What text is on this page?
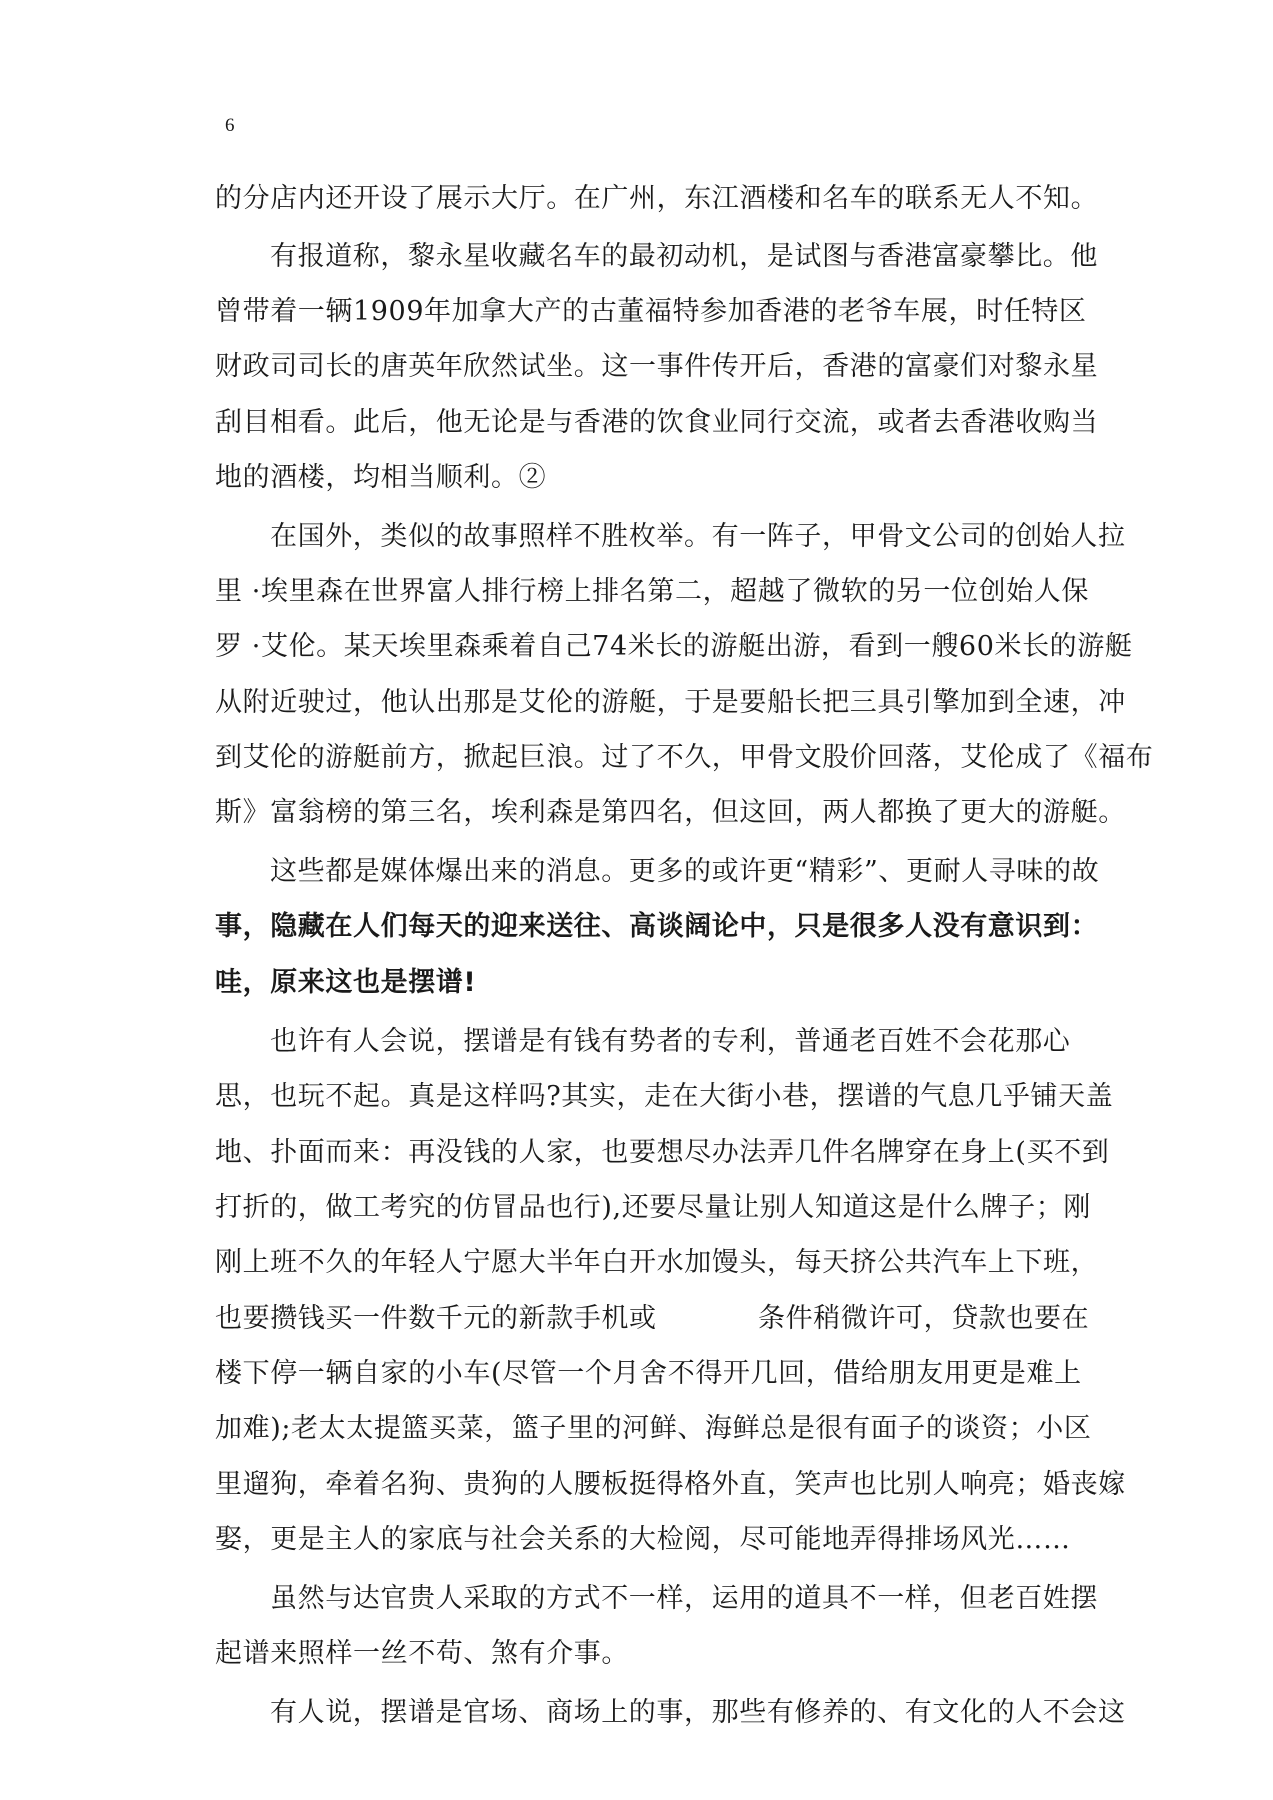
6

的分店内还开设了展示大厅。在广州，东江酒楼和名车的联系无人不知。

有报道称，黎永星收藏名车的最初动机，是试图与香港富豪攀比。他

曾带着一辆1909年加拿大产的古董福特参加香港的老爷车展，时任特区

财政司司长的唐英年欣然试坐。这一事件传开后，香港的富豪们对黎永星

刮目相看。此后，他无论是与香港的饮食业同行交流，或者去香港收购当

地的酒楼，均相当顺利。②

在国外，类似的故事照样不胜枚举。有一阵子，甲骨文公司的创始人拉

里 ·埃里森在世界富人排行榜上排名第二，超越了微软的另一位创始人保

罗 ·艾伦。某天埃里森乘着自己74米长的游艇出游，看到一艘60米长的游艇

从附近驶过，他认出那是艾伦的游艇，于是要船长把三具引擎加到全速，冲

到艾伦的游艇前方，掀起巨浪。过了不久，甲骨文股价回落，艾伦成了《福布

斯》富翁榜的第三名，埃利森是第四名，但这回，两人都换了更大的游艇。

这些都是媒体爆出来的消息。更多的或许更“精彩”、更耐人寻味的故

事，隐藏在人们每天的迎来送往、高谈阔论中，只是很多人没有意识到：

哇，原来这也是摆谱!

也许有人会说，摆谱是有钱有势者的专利，普通老百姓不会花那心

思，也玩不起。真是这样吗?其实，走在大街小巷，摆谱的气息几乎铺天盖

地、扑面而来：再没钱的人家，也要想尽办法弄几件名牌穿在身上(买不到

打折的，做工考究的仿冒品也行),还要尽量让别人知道这是什么牌子；刚

刚上班不久的年轻人宁愿大半年白开水加馒头，每天挤公共汽车上下班，

也要攒钱买一件数千元的新款手机或	条件稍微许可，贷款也要在

楼下停一辆自家的小车(尽管一个月舍不得开几回，借给朋友用更是难上

加难);老太太提篮买菜，篮子里的河鲜、海鲜总是很有面子的谈资；小区

里遛狗，牵着名狗、贵狗的人腰板挺得格外直，笑声也比别人响亮；婚丧嫁

娶，更是主人的家底与社会关系的大检阅，尽可能地弄得排场风光……

虽然与达官贵人采取的方式不一样，运用的道具不一样，但老百姓摆

起谱来照样一丝不苟、煞有介事。

有人说，摆谱是官场、商场上的事，那些有修养的、有文化的人不会这
